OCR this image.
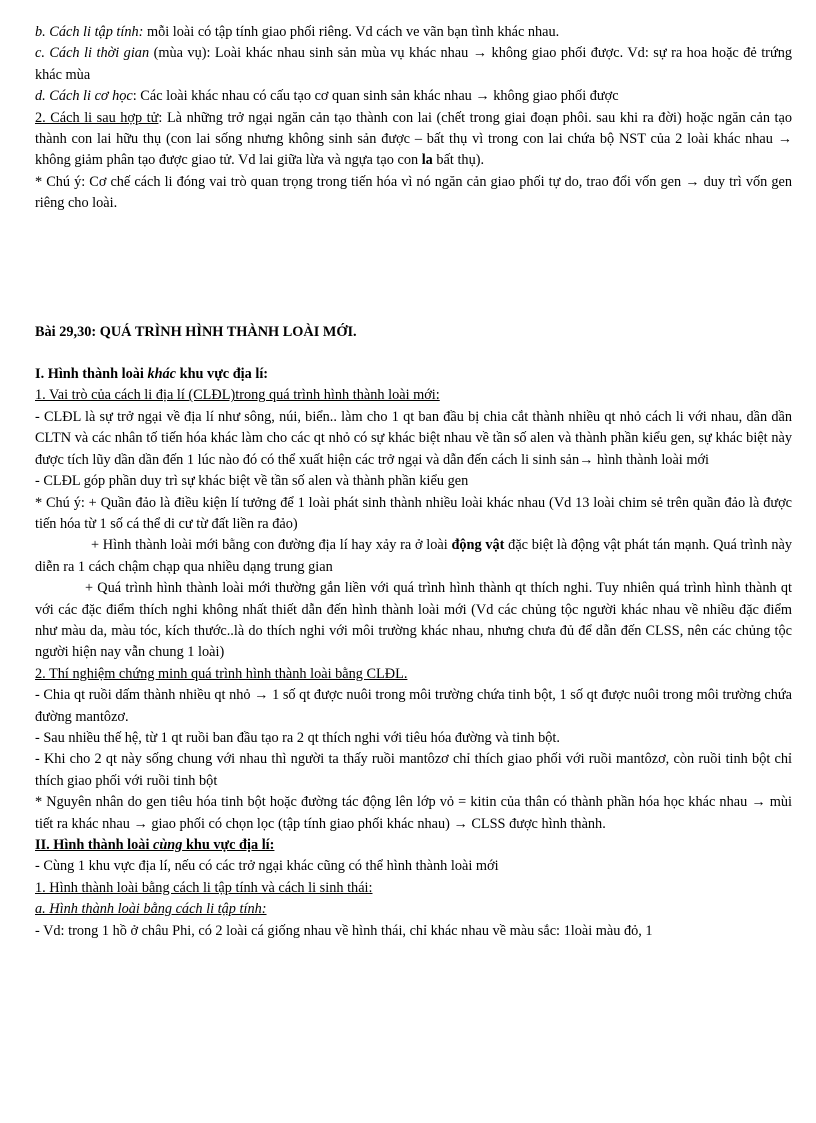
b. Cách li tập tính: mỗi loài có tập tính giao phối riêng. Vd cách ve vãn bạn tình khác nhau.

c. Cách li thời gian (mùa vụ): Loài khác nhau sinh sản mùa vụ khác nhau → không giao phối được. Vd: sự ra hoa hoặc đẻ trứng khác mùa

d. Cách li cơ học: Các loài khác nhau có cấu tạo cơ quan sinh sản khác nhau → không giao phối được

2. Cách li sau hợp tử: Là những trở ngại ngăn cản tạo thành con lai (chết trong giai đoạn phôi. sau khi ra đời) hoặc ngăn cản tạo thành con lai hữu thụ (con lai sống nhưng không sinh sản được – bất thụ vì trong con lai chứa bộ NST của 2 loài khác nhau → không giảm phân tạo được giao tử. Vd lai giữa lừa và ngựa tạo con la bất thụ).

* Chú ý: Cơ chế cách li đóng vai trò quan trọng trong tiến hóa vì nó ngăn cản giao phối tự do, trao đổi vốn gen → duy trì vốn gen riêng cho loài.

Bài 29,30: QUÁ TRÌNH HÌNH THÀNH LOÀI MỚI.

I. Hình thành loài khác khu vực địa lí:

1. Vai trò của cách li địa lí (CLĐL)trong quá trình hình thành loài mới:

- CLĐL là sự trở ngại về địa lí như sông, núi, biển.. làm cho 1 qt ban đầu bị chia cắt thành nhiều qt nhỏ cách li với nhau, dần dần CLTN và các nhân tố tiến hóa khác làm cho các qt nhỏ có sự khác biệt nhau về tần số alen và thành phần kiểu gen, sự khác biệt này được tích lũy dần dần đến 1 lúc nào đó có thể xuất hiện các trở ngại và dẫn đến cách li sinh sản→ hình thành loài mới

- CLĐL góp phần duy trì sự khác biệt về tần số alen và thành phần kiểu gen

* Chú ý: + Quần đảo là điều kiện lí tưởng để 1 loài phát sinh thành nhiều loài khác nhau (Vd 13 loài chim sẻ trên quần đảo là được tiến hóa từ 1 số cá thể di cư từ đất liền ra đảo)

+ Hình thành loài mới bằng con đường địa lí hay xảy ra ở loài động vật đặc biệt là động vật phát tán mạnh. Quá trình này diễn ra 1 cách chậm chạp qua nhiều dạng trung gian

+ Quá trình hình thành loài mới thường gắn liền với quá trình hình thành qt thích nghi. Tuy nhiên quá trình hình thành qt với các đặc điểm thích nghi không nhất thiết dẫn đến hình thành loài mới (Vd các chủng tộc người khác nhau về nhiều đặc điểm như màu da, màu tóc, kích thước..là do thích nghi với môi trường khác nhau, nhưng chưa đủ để dẫn đến CLSS, nên các chủng tộc người hiện nay vẫn chung 1 loài)

2. Thí nghiệm chứng minh quá trình hình thành loài bằng CLĐL.

- Chia qt ruồi dấm thành nhiều qt nhỏ → 1 số qt được nuôi trong môi trường chứa tinh bột, 1 số qt được nuôi trong môi trường chứa đường mantôzơ.

- Sau nhiều thế hệ, từ 1 qt ruồi ban đầu tạo ra 2 qt thích nghi với tiêu hóa đường và tinh bột.

- Khi cho 2 qt này sống chung với nhau thì người ta thấy ruồi mantôzơ chỉ thích giao phối với ruồi mantôzơ, còn ruồi tinh bột chỉ thích giao phối với ruồi tinh bột

* Nguyên nhân do gen tiêu hóa tinh bột hoặc đường tác động lên lớp vỏ = kitin của thân có thành phần hóa học khác nhau → mùi tiết ra khác nhau → giao phối có chọn lọc (tập tính giao phối khác nhau) → CLSS được hình thành.

II. Hình thành loài cùng khu vực địa lí:

- Cùng 1 khu vực địa lí, nếu có các trở ngại khác cũng có thể hình thành loài mới

1. Hình thành loài bằng cách li tập tính và cách li sinh thái:

a. Hình thành loài bằng cách li tập tính:

- Vd: trong 1 hồ ở châu Phi, có 2 loài cá giống nhau về hình thái, chỉ khác nhau về màu sắc: 1loài màu đỏ, 1
